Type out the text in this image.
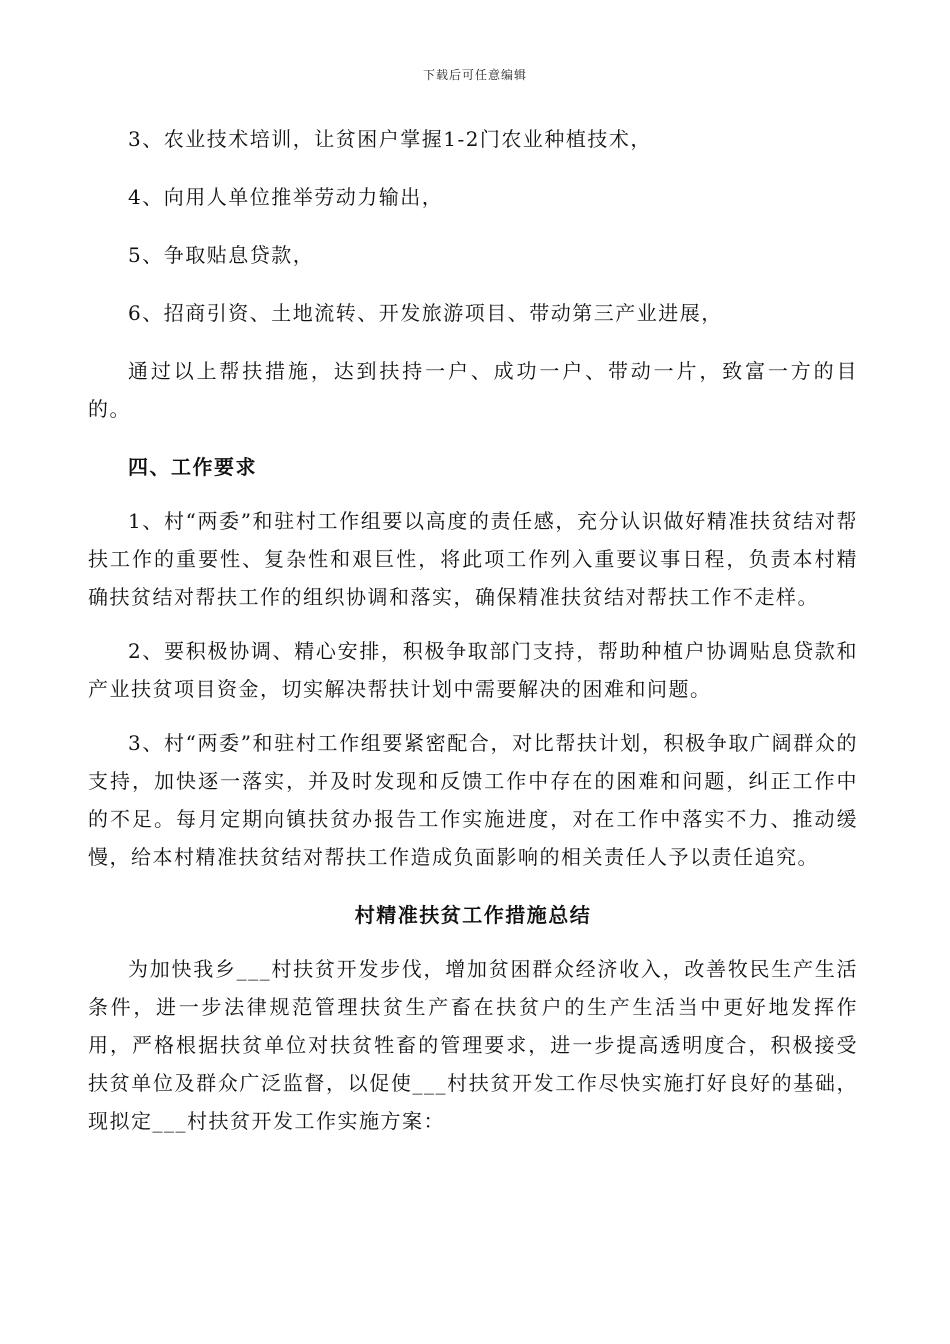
下载后可任意编辑

3、农业技术培训，让贫困户掌握1-2门农业种植技术，

4、向用人单位推举劳动力输出，

5、争取贴息贷款，

6、招商引资、土地流转、开发旅游项目、带动第三产业进展，

通过以上帮扶措施，达到扶持一户、成功一户、带动一片，致富一方的目的。

四、工作要求

1、村“两委”和驻村工作组要以高度的责任感，充分认识做好精准扶贫结对帮扶工作的重要性、复杂性和艰巨性，将此项工作列入重要议事日程，负责本村精确扶贫结对帮扶工作的组织协调和落实，确保精准扶贫结对帮扶工作不走样。

2、要积极协调、精心安排，积极争取部门支持，帮助种植户协调贴息贷款和产业扶贫项目资金，切实解决帮扶计划中需要解决的困难和问题。

3、村“两委”和驻村工作组要紧密配合，对比帮扶计划，积极争取广阔群众的支持，加快逐一落实，并及时发现和反馈工作中存在的困难和问题，纠正工作中的不足。每月定期向镇扶贫办报告工作实施进度，对在工作中落实不力、推动缓慢，给本村精准扶贫结对帮扶工作造成负面影响的相关责任人予以责任追究。

村精准扶贫工作措施总结

为加快我乡___村扶贫开发步伐，增加贫困群众经济收入，改善牧民生产生活条件，进一步法律规范管理扶贫生产畜在扶贫户的生产生活当中更好地发挥作用，严格根据扶贫单位对扶贫牲畜的管理要求，进一步提高透明度合，积极接受扶贫单位及群众广泛监督，以促使___村扶贫开发工作尽快实施打好良好的基础，现拟定___村扶贫开发工作实施方案：
